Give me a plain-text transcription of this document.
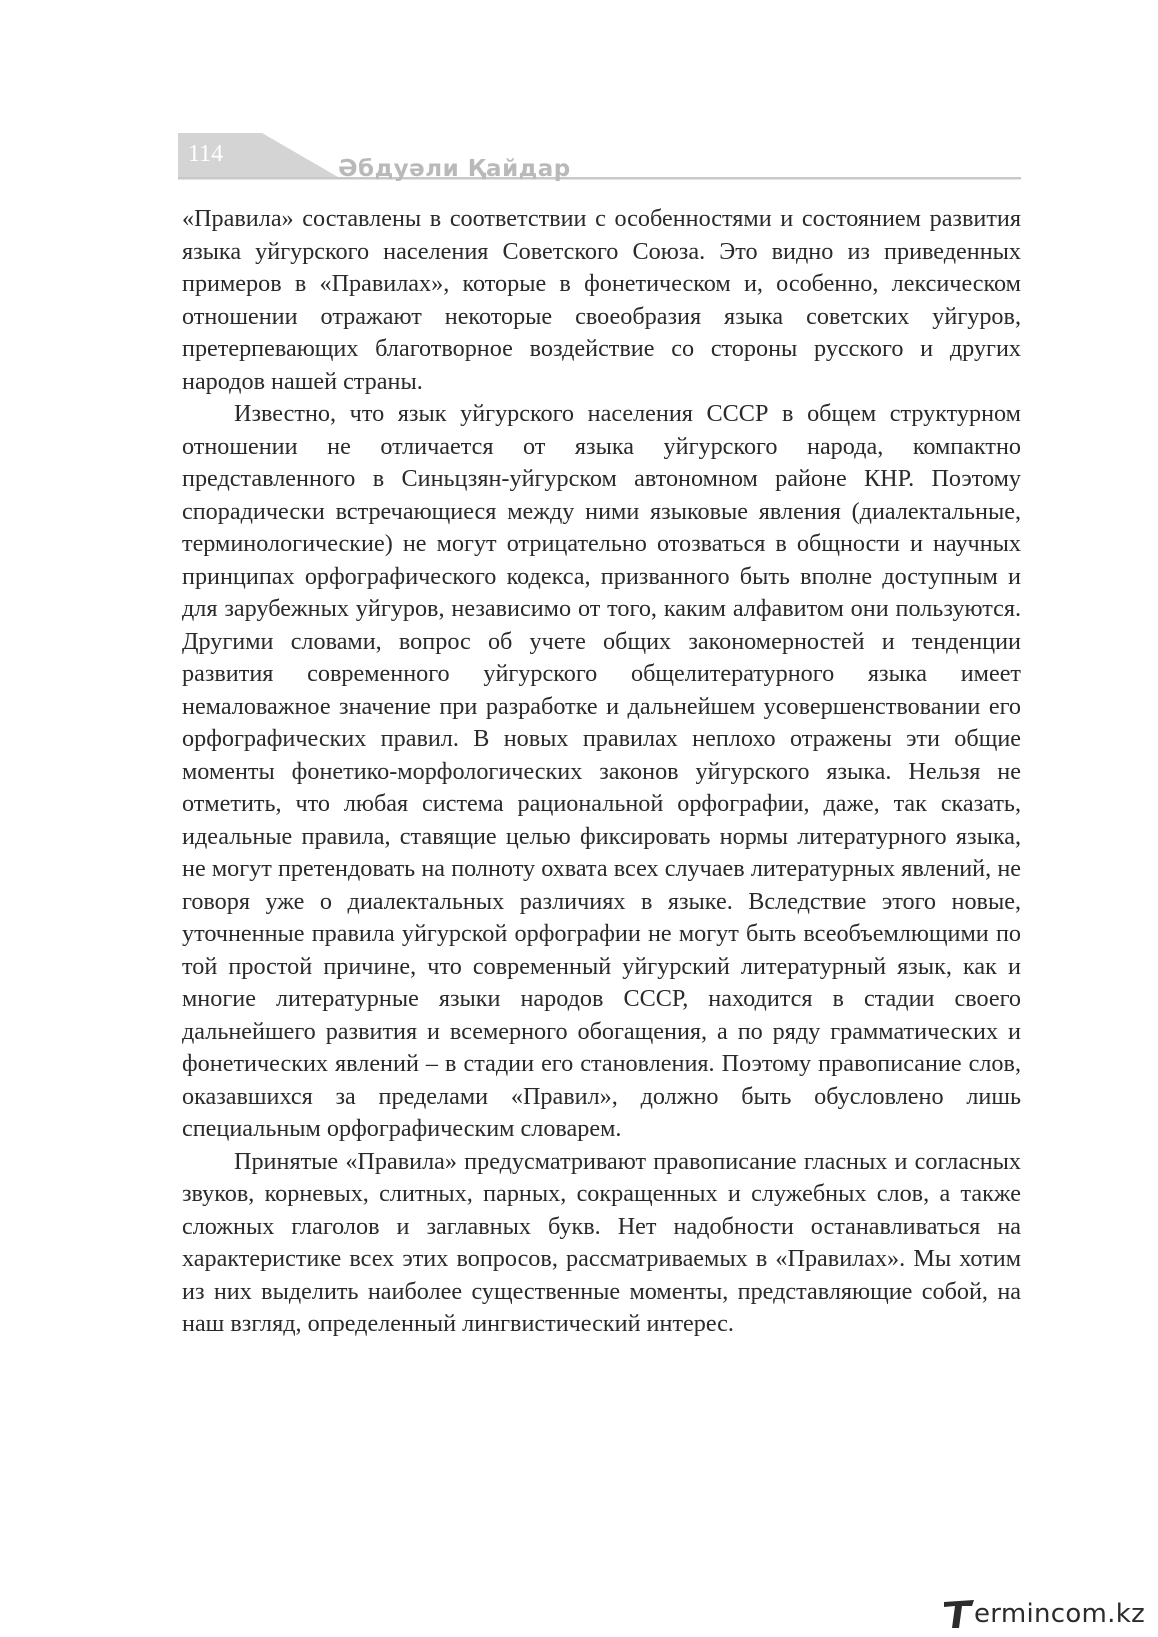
114
Әбдуәли Қайдар

«Правила» составлены в соответствии с особенностями и состоянием развития языка уйгурского населения Советского Союза. Это видно из приведенных примеров в «Правилах», которые в фонетическом и, особенно, лексическом отношении отражают некоторые своеобразия языка советских уйгуров, претерпевающих благотворное воздействие со стороны русского и других народов нашей страны.

Известно, что язык уйгурского населения СССР в общем структурном отношении не отличается от языка уйгурского народа, компактно представленного в Синьцзян-уйгурском автономном районе КНР. Поэтому спорадически встречающиеся между ними языковые явления (диалектальные, терминологические) не могут отрицательно отозваться в общности и научных принципах орфографического кодекса, призванного быть вполне доступным и для зарубежных уйгуров, независимо от того, каким алфавитом они пользуются. Другими словами, вопрос об учете общих закономерностей и тенденции развития современного уйгурского общелитературного языка имеет немаловажное значение при разработке и дальнейшем усовершенствовании его орфографических правил. В новых правилах неплохо отражены эти общие моменты фонетико-морфологических законов уйгурского языка. Нельзя не отметить, что любая система рациональной орфографии, даже, так сказать, идеальные правила, ставящие целью фиксировать нормы литературного языка, не могут претендовать на полноту охвата всех случаев литературных явлений, не говоря уже о диалектальных различиях в языке. Вследствие этого новые, уточненные правила уйгурской орфографии не могут быть всеобъемлющими по той простой причине, что современный уйгурский литературный язык, как и многие литературные языки народов СССР, находится в стадии своего дальнейшего развития и всемерного обогащения, а по ряду грамматических и фонетических явлений – в стадии его становления. Поэтому правописание слов, оказавшихся за пределами «Правил», должно быть обусловлено лишь специальным орфографическим словарем.

Принятые «Правила» предусматривают правописание гласных и согласных звуков, корневых, слитных, парных, сокращенных и служебных слов, а также сложных глаголов и заглавных букв. Нет надобности останавливаться на характеристике всех этих вопросов, рассматриваемых в «Правилах». Мы хотим из них выделить наиболее существенные моменты, представляющие собой, на наш взгляд, определенный лингвистический интерес.

ermincom.kz
